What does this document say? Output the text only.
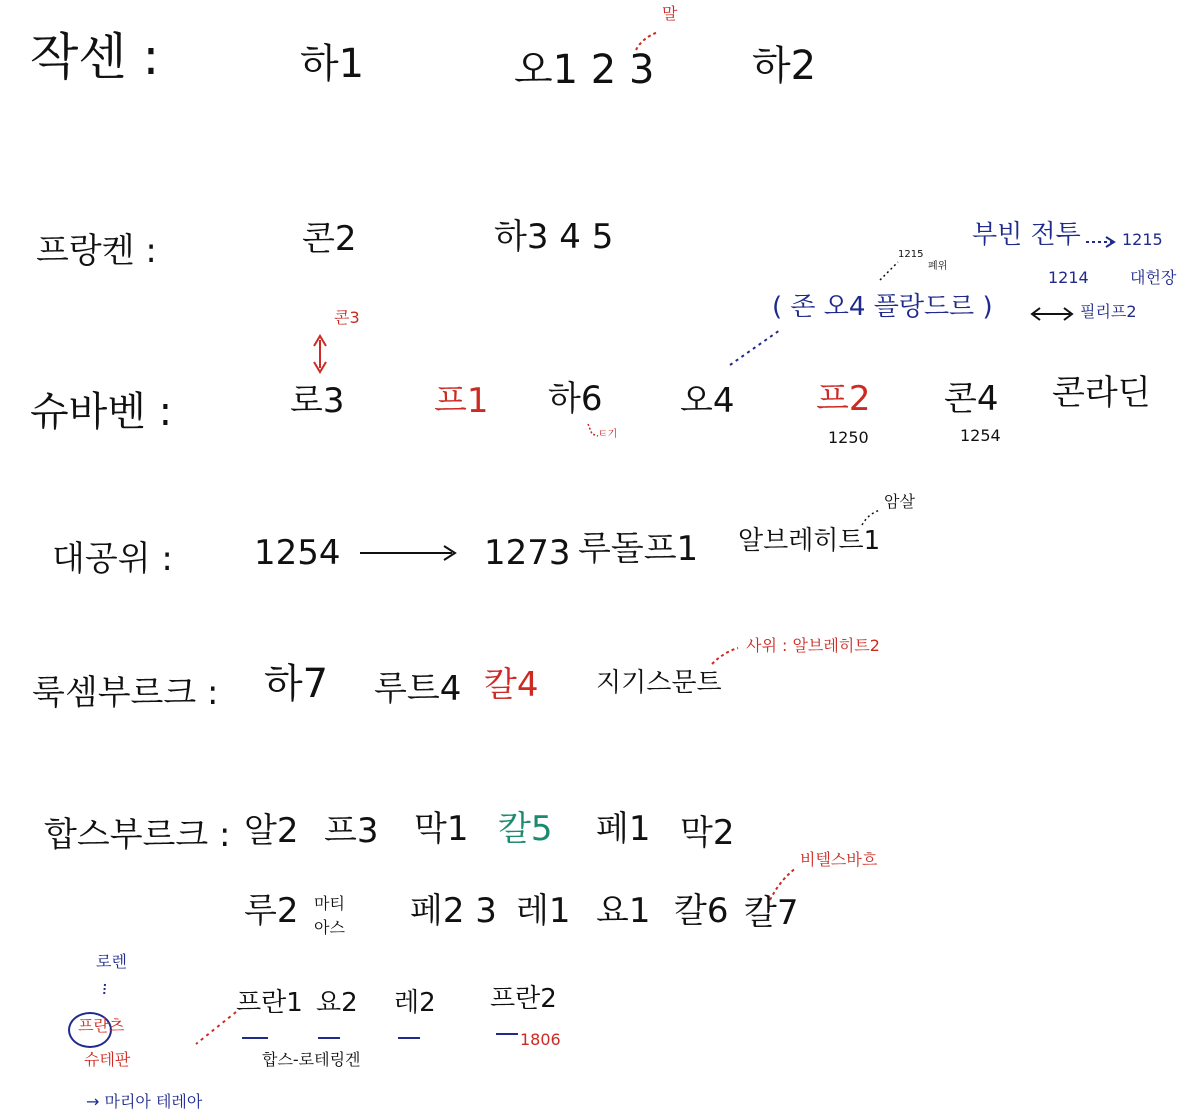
작센 :	하1	오1 2 3 하2
말
프랑켄 :	콘2	하3 4 5	부빈 전투	1215
1215
폐위
1214	대헌장
( 존 오4 플랑드르 )	필리프2
슈바벤 :
콘3
로3	프1 하6
ㅌ기
오4 프2
1250
콘4
1254
콘라딘
대공위 : 1254	1273 루돌프1 알브레히트1
암살
룩셈부르크 : 하7 루트4 칼4 지기스문트
사위 : 알브레히트2
합스부르크 : 알2 프3 막1 칼5 페1 막2
비텔스바흐
루2 마티
아스 페2 3 레1 요1 칼6 칼7
프란1 요2 레2 프란2
1806
합스-로테링겐
로렌
프란츠
슈테판
→ 마리아 테레아
